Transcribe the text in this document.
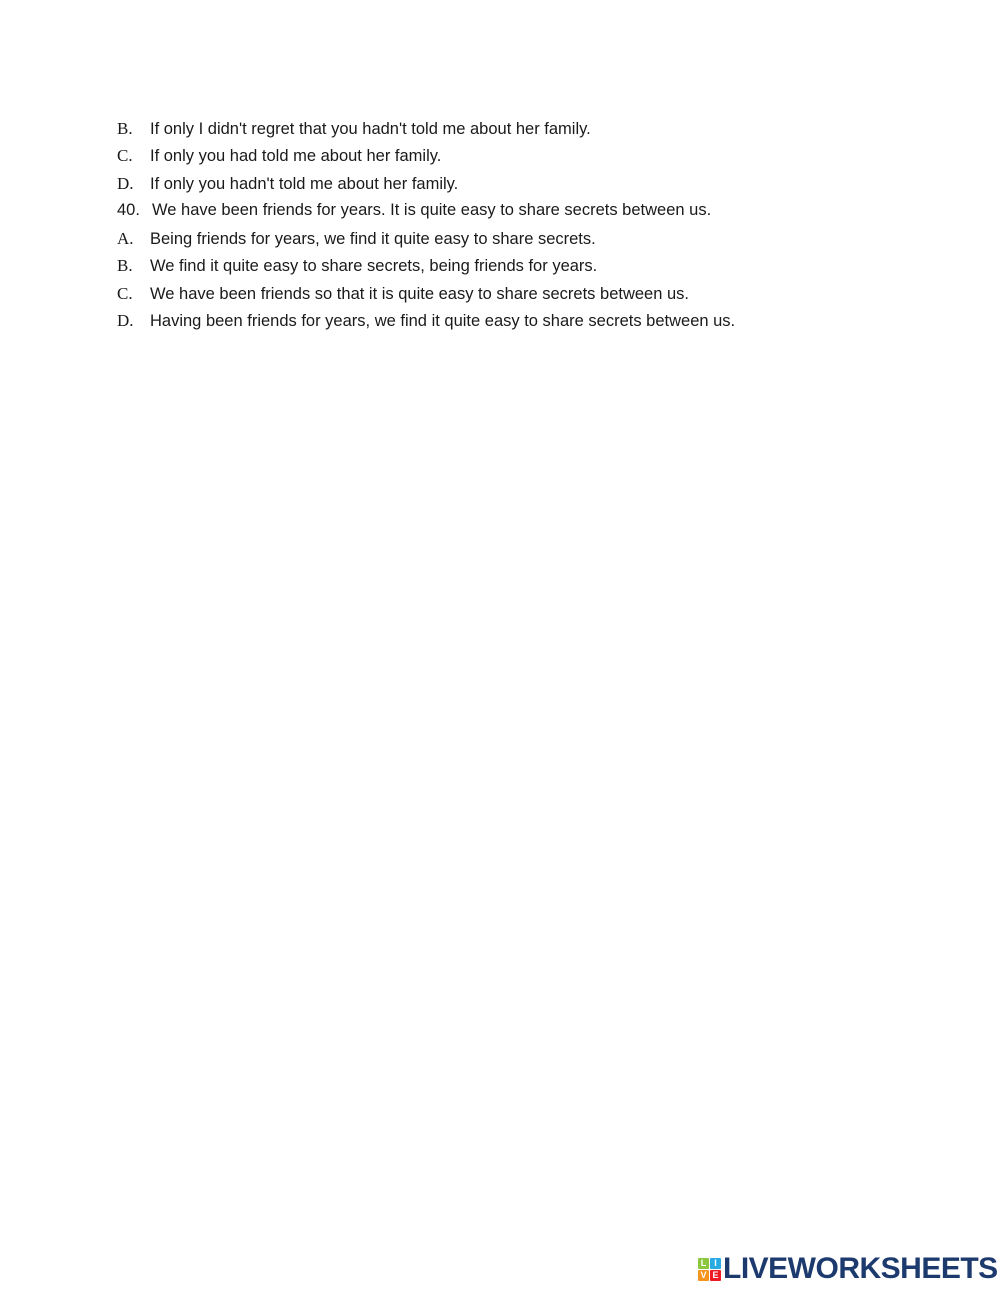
B. If only I didn't regret that you hadn't told me about her family.
C. If only you had told me about her family.
D. If only you hadn't told me about her family.
40. We have been friends for years. It is quite easy to share secrets between us.
A. Being friends for years, we find it quite easy to share secrets.
B. We find it quite easy to share secrets, being friends for years.
C. We have been friends so that it is quite easy to share secrets between us.
D. Having been friends for years, we find it quite easy to share secrets between us.
L I
V E LIVEWORKSHEETS
